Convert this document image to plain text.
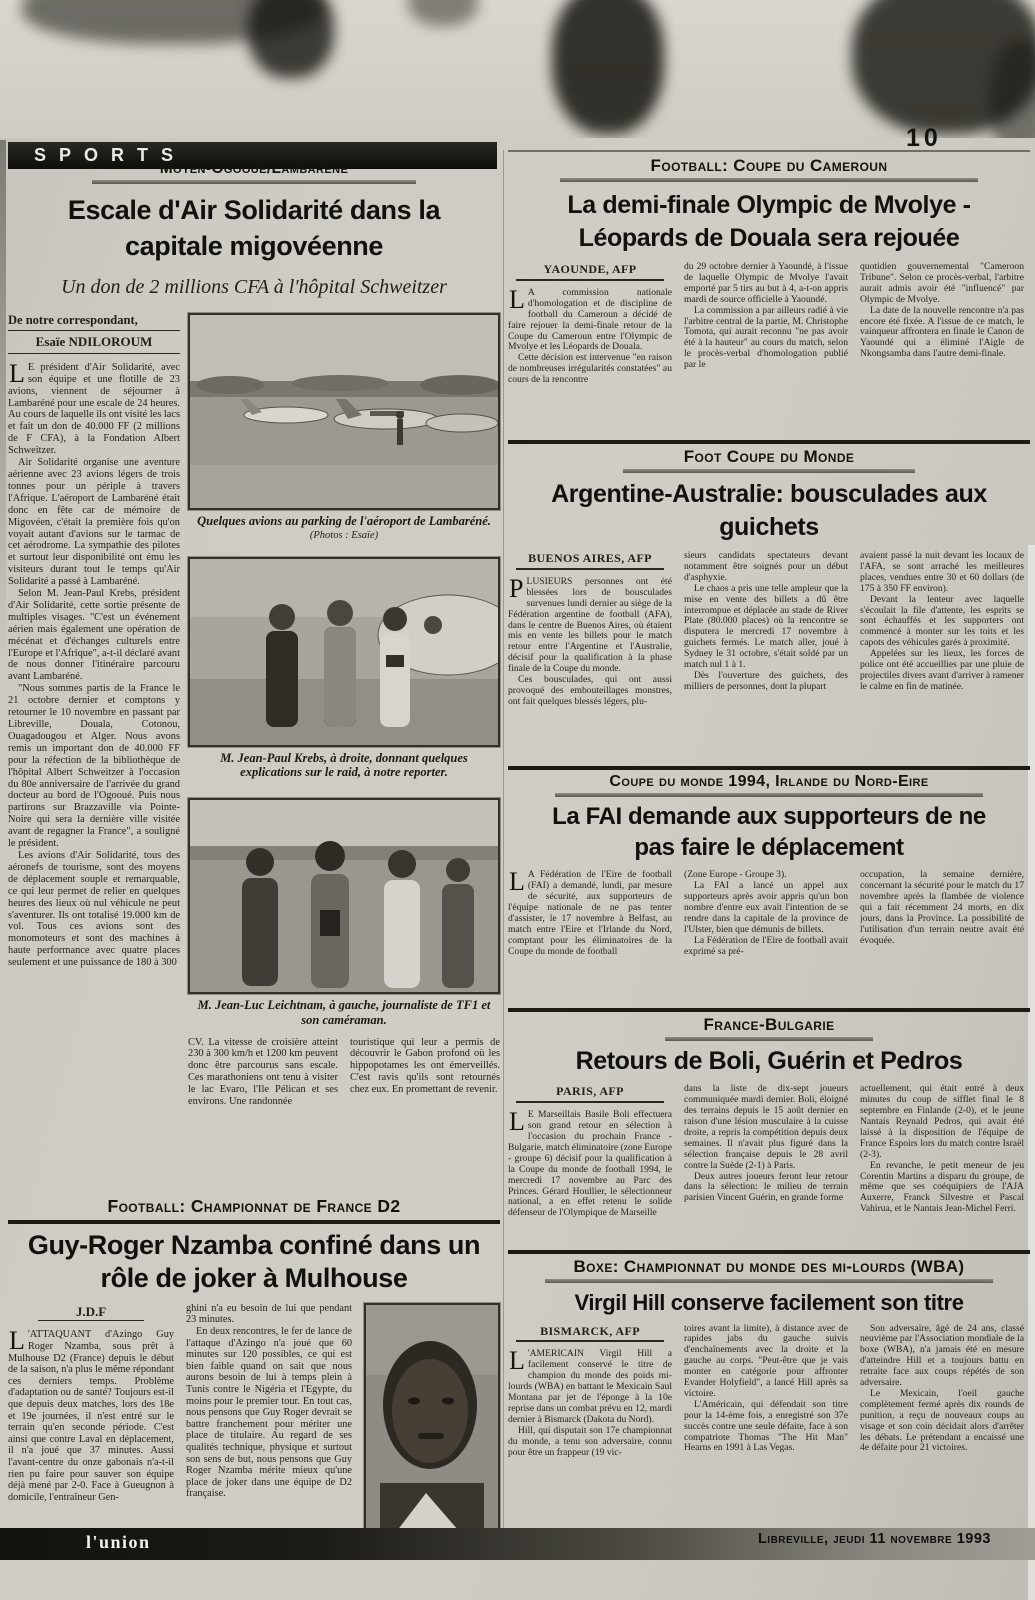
SPORTS
10
Moyen-Ogooue/Lambaréné
Escale d'Air Solidarité dans la capitale migovéenne
Un don de 2 millions CFA à l'hôpital Schweitzer
De notre correspondant,
Esaïe NDILOROUM

L E président d'Air Solidarité, avec son équipe et une flotille de 23 avions, viennent de séjourner à Lambaréné pour une escale de 24 heures. Au cours de laquelle ils ont visité les lacs et fait un don de 40.000 FF (2 millions de F CFA), à la Fondation Albert Schweitzer.

Air Solidarité organise une aventure aérienne avec 23 avions légers de trois tonnes pour un périple à travers l'Afrique. L'aéroport de Lambaréné était donc en fête car de mémoire de Migovéen, c'était la première fois qu'on voyait autant d'avions sur le tarmac de cet aérodrome. La sympathie des pilotes et surtout leur disponibilité ont ému les visiteurs durant tout le temps qu'Air Solidarité a passé à Lambaréné.

Selon M. Jean-Paul Krebs, président d'Air Solidarité, cette sortie présente de multiples visages. "C'est un événement aérien mais également une opération de mécénat et d'échanges culturels entre l'Europe et l'Afrique", a-t-il déclaré avant de nous donner l'itinéraire parcouru avant Lambaréné.

"Nous sommes partis de la France le 21 octobre dernier et comptons y retourner le 10 novembre en passant par Libreville, Douala, Cotonou, Ouagadougou et Alger. Nous avons remis un important don de 40.000 FF pour la réfection de la bibliothèque de l'hôpital Albert Schweitzer à l'occasion du 80e anniversaire de l'arrivée du grand docteur au bord de l'Ogooué. Puis nous partirons sur Brazzaville via Pointe-Noire qui sera la dernière ville visitée avant de regagner la France", a souligné le président.

Les avions d'Air Solidarité, tous des aéronefs de tourisme, sont des moyens de déplacement souple et remarquable, ce qui leur permet de relier en quelques heures des lieux où nul véhicule ne peut s'aventurer. Ils ont totalisé 19.000 km de vol. Tous ces avions sont des monomoteurs et sont des machines à haute performance avec quatre places seulement et une puissance de 180 à 300

Quelques avions au parking de l'aéroport de Lambaréné.
(Photos : Esaïe)
M. Jean-Paul Krebs, à droite, donnant quelques explications sur le raid, à notre reporter.
M. Jean-Luc Leichtnam, à gauche, journaliste de TF1 et son caméraman.

CV. La vitesse de croisière atteint 230 à 300 km/h et 1200 km peuvent donc être parcourus sans escale. Ces marathoniens ont tenu à visiter le lac Evaro, l'Ile Pélican et ses environs. Une randonnée

touristique qui leur a permis de découvrir le Gabon profond où les hippopotames les ont émerveillés. C'est ravis qu'ils sont retournés chez eux. En promettant de revenir.

Football: Coupe du Cameroun
La demi-finale Olympic de Mvolye - Léopards de Douala sera rejouée
YAOUNDE, AFP

L A commission nationale d'homologation et de discipline de football du Cameroun a décidé de faire rejouer la demi-finale retour de la Coupe du Cameroun entre l'Olympic de Mvolye et les Léopards de Douala.

Cette décision est intervenue "en raison de nombreuses irrégularités constatées" au cours de la rencontre

du 29 octobre dernier à Yaoundé, à l'issue de laquelle Olympic de Mvolye l'avait emporté par 5 tirs au but à 4, a-t-on appris mardi de source officielle à Yaoundé.

La commission a par ailleurs radié à vie l'arbitre central de la partie, M. Christophe Tomota, qui aurait reconnu "ne pas avoir été à la hauteur" au cours du match, selon le procès-verbal d'homologation publié par le

quotidien gouvernemental "Cameroon Tribune". Selon ce procès-verbal, l'arbitre aurait admis avoir été "influencé" par Olympic de Mvolye.

La date de la nouvelle rencontre n'a pas encore été fixée. A l'issue de ce match, le vainqueur affrontera en finale le Canon de Yaoundé qui a éliminé l'Aigle de Nkongsamba dans l'autre demi-finale.

Foot Coupe du Monde
Argentine-Australie: bousculades aux guichets
BUENOS AIRES, AFP

PLUSIEURS personnes ont été blessées lors de bousculades survenues lundi dernier au siège de la Fédération argentine de football (AFA), dans le centre de Buenos Aires, où étaient mis en vente les billets pour le match retour entre l'Argentine et l'Australie, décisif pour la qualification à la phase finale de la Coupe du monde.

Ces bousculades, qui ont aussi provoqué des embouteillages monstres, ont fait quelques blessés légers, plu-

sieurs candidats spectateurs devant notamment être soignés pour un début d'asphyxie.

Le chaos a pris une telle ampleur que la mise en vente des billets a dû être interrompue et déplacée au stade de River Plate (80.000 places) où la rencontre se disputera le mercredi 17 novembre à guichets fermés. Le match aller, joué à Sydney le 31 octobre, s'était soldé par un match nul 1 à 1.

Dès l'ouverture des guichets, des milliers de personnes, dont la plupart

avaient passé la nuit devant les locaux de l'AFA, se sont arraché les meilleures places, vendues entre 30 et 60 dollars (de 175 à 350 FF environ).

Devant la lenteur avec laquelle s'écoulait la file d'attente, les esprits se sont échauffés et les supporters ont commencé à monter sur les toits et les capots des véhicules garés à proximité.

Appelées sur les lieux, les forces de police ont été accueillies par une pluie de projectiles divers avant d'arriver à ramener le calme en fin de matinée.

Coupe du monde 1994, Irlande du Nord-Eire
La FAI demande aux supporteurs de ne pas faire le déplacement

L A Fédération de l'Eire de football (FAI) a demandé, lundi, par mesure de sécurité, aux supporteurs de l'équipe nationale de ne pas tenter d'assister, le 17 novembre à Belfast, au match entre l'Eire et l'Irlande du Nord, comptant pour les éliminatoires de la Coupe du monde de football

(Zone Europe - Groupe 3).

La FAI a lancé un appel aux supporteurs après avoir appris qu'un bon nombre d'entre eux avait l'intention de se rendre dans la capitale de la province de l'Ulster, bien que démunis de billets.

La Fédération de l'Eire de football avait exprimé sa pré-

occupation, la semaine dernière, concernant la sécurité pour le match du 17 novembre après la flambée de violence qui a fait récemment 24 morts, en dix jours, dans la Province. La possibilité de l'utilisation d'un terrain neutre avait été évoquée.

France-Bulgarie
Retours de Boli, Guérin et Pedros
PARIS, AFP

L E Marseillais Basile Boli effectuera son grand retour en sélection à l'occasion du prochain France - Bulgarie, match éliminatoire (zone Europe - groupe 6) décisif pour la qualification à la Coupe du monde de football 1994, le mercredi 17 novembre au Parc des Princes. Gérard Houllier, le sélectionneur national, a en effet retenu le solide défenseur de l'Olympique de Marseille

dans la liste de dix-sept joueurs communiquée mardi dernier. Boli, éloigné des terrains depuis le 15 août dernier en raison d'une lésion musculaire à la cuisse droite, a repris la compétition depuis deux semaines. Il n'avait plus figuré dans la sélection française depuis le 28 avril contre la Suède (2-1) à Paris.

Deux autres joueurs feront leur retour dans la sélection: le milieu de terrain parisien Vincent Guérin, en grande forme

actuellement, qui était entré à deux minutes du coup de sifflet final le 8 septembre en Finlande (2-0), et le jeune Nantais Reynald Pedros, qui avait été laissé à la disposition de l'équipe de France Espoirs lors du match contre Israël (2-3).

En revanche, le petit meneur de jeu Corentin Martins a disparu du groupe, de même que ses coéquipiers de l'AJA Auxerre, Franck Silvestre et Pascal Vahirua, et le Nantais Jean-Michel Ferri.

Boxe: Championnat du monde des mi-lourds (WBA)
Virgil Hill conserve facilement son titre
BISMARCK, AFP

L 'AMERICAIN Virgil Hill a facilement conservé le titre de champion du monde des poids mi-lourds (WBA) en battant le Mexicain Saul Montana par jet de l'éponge à la 10e reprise dans un combat prévu en 12, mardi dernier à Bismarck (Dakota du Nord).

Hill, qui disputait son 17e championnat du monde, a tenu son adversaire, connu pour être un frappeur (19 vic-

toires avant la limite), à distance avec de rapides jabs du gauche suivis d'enchaînements avec la droite et la gauche au corps. "Peut-être que je vais monter en catégorie pour affronter Evander Holyfield", a lancé Hill après sa victoire.

L'Américain, qui défendait son titre pour la 14-ème fois, a enregistré son 37e succès contre une seule défaite, face à son compatriote Thomas "The Hit Man" Hearns en 1991 à Las Vegas.

Son adversaire, âgé de 24 ans, classé neuvième par l'Association mondiale de la boxe (WBA), n'a jamais été en mesure d'atteindre Hill et a toujours battu en retraite face aux coups répétés de son adversaire.

Le Mexicain, l'oeil gauche complètement fermé après dix rounds de punition, a reçu de nouveaux coups au visage et son coin décidait alors d'arrêter les débats. Le prétendant a encaissé une 4e défaite pour 21 victoires.

Football: Championnat de France D2
Guy-Roger Nzamba confiné dans un rôle de joker à Mulhouse
J.D.F

L 'ATTAQUANT d'Azingo Guy Roger Nzamba, sous prêt à Mulhouse D2 (France) depuis le début de la saison, n'a plus le même répondant ces derniers temps. Problème d'adaptation ou de santé? Toujours est-il que depuis deux matches, lors des 18e et 19e journées, il n'est entré sur le terrain qu'en seconde période. C'est ainsi que contre Laval en déplacement, il n'a joué que 37 minutes. Aussi l'avant-centre du onze gabonais n'a-t-il rien pu faire pour sauver son équipe déjà mené par 2-0. Face à Gueugnon à domicile, l'entraîneur Gen-

ghini n'a eu besoin de lui que pendant 23 minutes.

En deux rencontres, le fer de lance de l'attaque d'Azingo n'a joué que 60 minutes sur 120 possibles, ce qui est bien faible quand on sait que nous aurons besoin de lui à temps plein à Tunis contre le Nigéria et l'Egypte, du moins pour le premier tour. En tout cas, nous pensons que Guy Roger devrait se battre franchement pour mériter une place de titulaire. Au regard de ses qualités technique, physique et surtout son sens de but, nous pensons que Guy Roger Nzamba mérite mieux qu'une place de joker dans une équipe de D2 française.

l'union	Libreville, jeudi 11 novembre 1993
